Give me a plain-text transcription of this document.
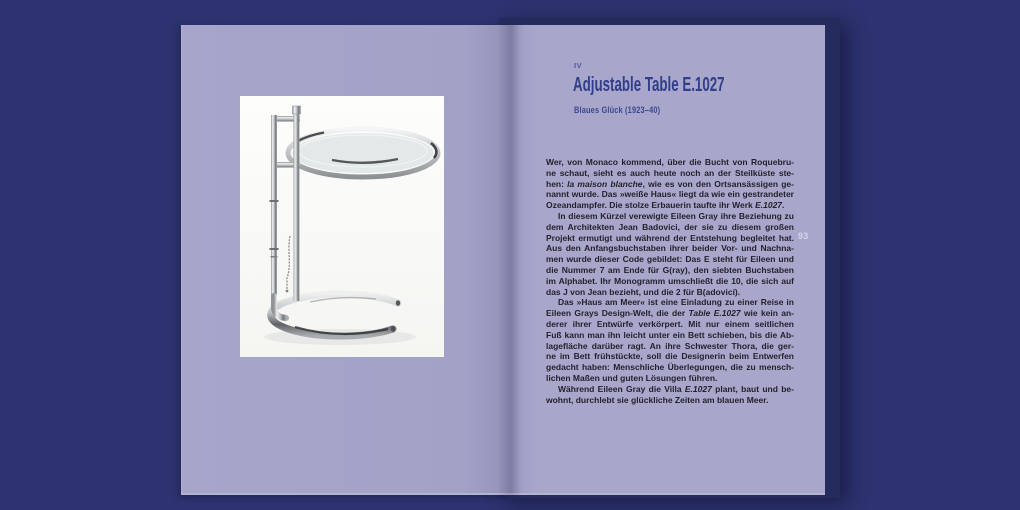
IV
Adjustable Table E.1027
Blaues Glück (1923–40)
Wer, von Monaco kommend, über die Bucht von Roquebru-
ne schaut, sieht es auch heute noch an der Steilküste ste-
hen: la maison blanche, wie es von den Ortsansässigen ge-
nannt wurde. Das »weiße Haus« liegt da wie ein gestrandeter
Ozeandampfer. Die stolze Erbauerin taufte ihr Werk E.1027.
In diesem Kürzel verewigte Eileen Gray ihre Beziehung zu
dem Architekten Jean Badovici, der sie zu diesem großen
Projekt ermutigt und während der Entstehung begleitet hat.
Aus den Anfangsbuchstaben ihrer beider Vor- und Nachna-
men wurde dieser Code gebildet: Das E steht für Eileen und
die Nummer 7 am Ende für G(ray), den siebten Buchstaben
im Alphabet. Ihr Monogramm umschließt die 10, die sich auf
das J von Jean bezieht, und die 2 für B(adovici).
Das »Haus am Meer« ist eine Einladung zu einer Reise in
Eileen Grays Design-Welt, die der Table E.1027 wie kein an-
derer ihrer Entwürfe verkörpert. Mit nur einem seitlichen
Fuß kann man ihn leicht unter ein Bett schieben, bis die Ab-
lagefläche darüber ragt. An ihre Schwester Thora, die ger-
ne im Bett frühstückte, soll die Designerin beim Entwerfen
gedacht haben: Menschliche Überlegungen, die zu mensch-
lichen Maßen und guten Lösungen führen.
Während Eileen Gray die Villa E.1027 plant, baut und be-
wohnt, durchlebt sie glückliche Zeiten am blauen Meer.
93
